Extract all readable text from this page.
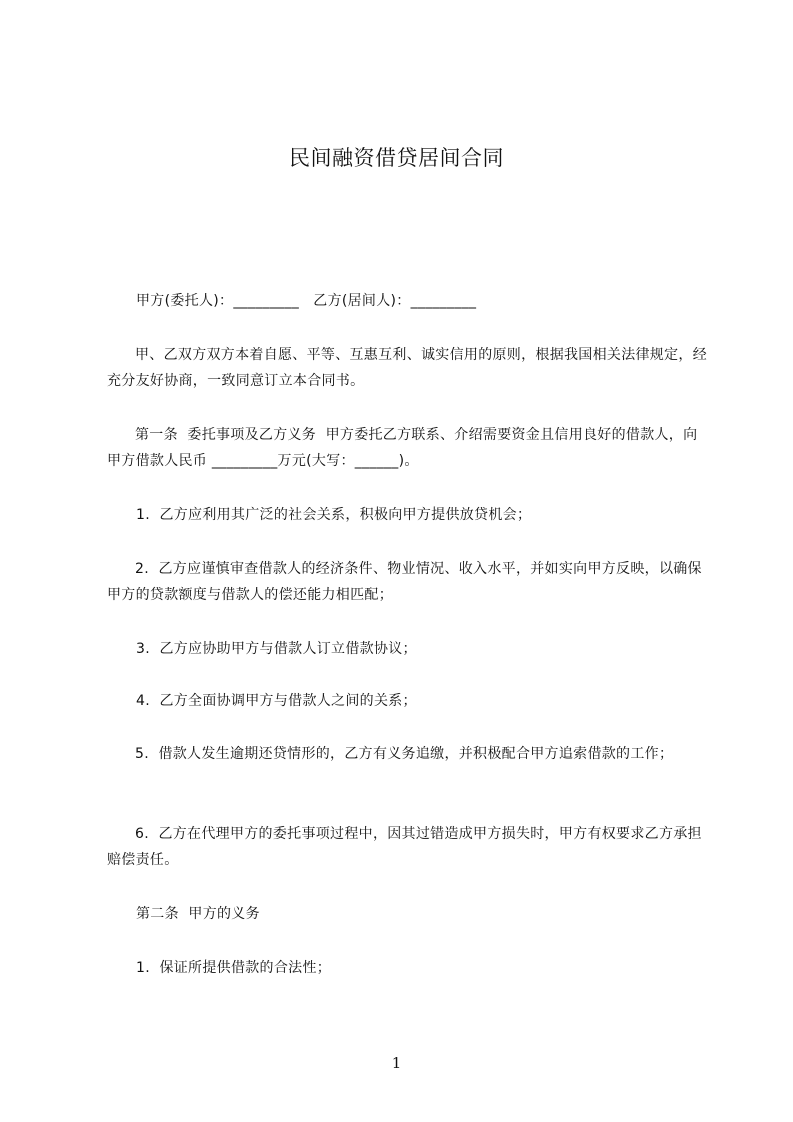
民间融资借贷居间合同
甲方(委托人)：_________   乙方(居间人)：_________
甲、乙双方双方本着自愿、平等、互惠互利、诚实信用的原则，根据我国相关法律规定，经充分友好协商，一致同意订立本合同书。
第一条  委托事项及乙方义务  甲方委托乙方联系、介绍需要资金且信用良好的借款人，向甲方借款人民币 _________万元(大写：______)。
1.  乙方应利用其广泛的社会关系，积极向甲方提供放贷机会；
2.  乙方应谨慎审查借款人的经济条件、物业情况、收入水平，并如实向甲方反映，以确保甲方的贷款额度与借款人的偿还能力相匹配；
3.  乙方应协助甲方与借款人订立借款协议；
4.  乙方全面协调甲方与借款人之间的关系；
5.  借款人发生逾期还贷情形的，乙方有义务追缴，并积极配合甲方追索借款的工作；
6.  乙方在代理甲方的委托事项过程中，因其过错造成甲方损失时，甲方有权要求乙方承担赔偿责任。
第二条  甲方的义务
1.  保证所提供借款的合法性；
1
